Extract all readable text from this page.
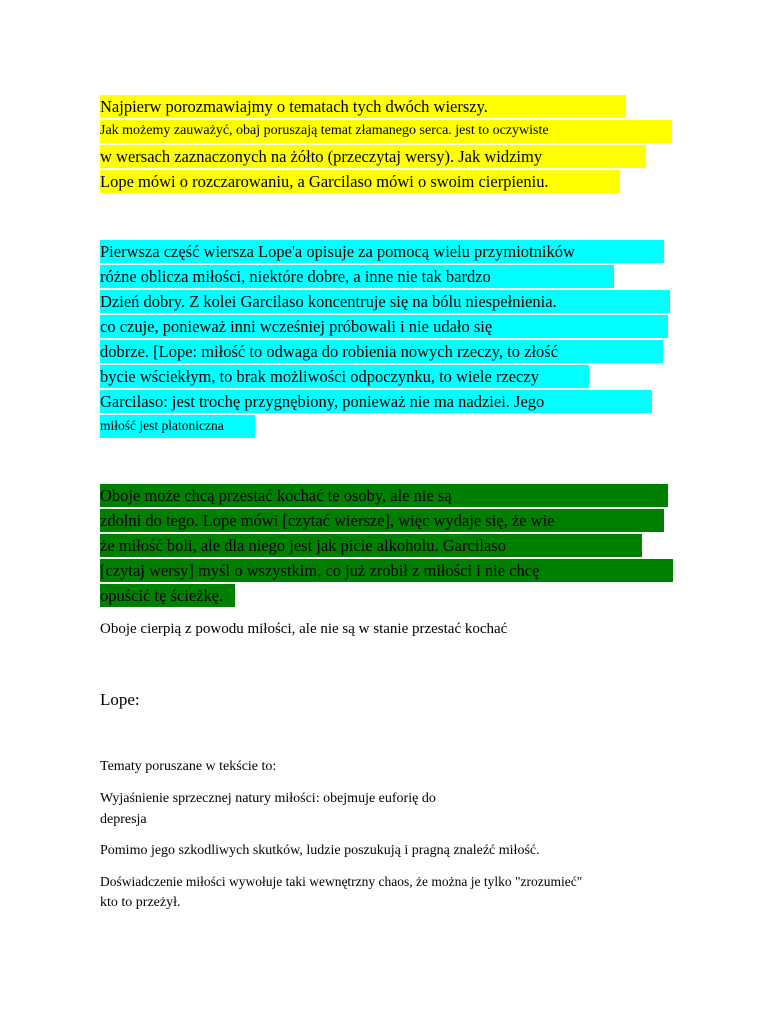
Najpierw porozmawiajmy o tematach tych dwóch wierszy.
Jak możemy zauważyć, obaj poruszają temat złamanego serca. jest to oczywiste
w wersach zaznaczonych na żółto (przeczytaj wersy). Jak widzimy
Lope mówi o rozczarowaniu, a Garcilaso mówi o swoim cierpieniu.
Pierwsza część wiersza Lope'a opisuje za pomocą wielu przymiotników
różne oblicza miłości, niektóre dobre, a inne nie tak bardzo
Dzień dobry. Z kolei Garcilaso koncentruje się na bólu niespełnienia.
co czuje, ponieważ inni wcześniej próbowali i nie udało się
dobrze. [Lope: miłość to odwaga do robienia nowych rzeczy, to złość
bycie wściekłym, to brak możliwości odpoczynku, to wiele rzeczy
Garcilaso: jest trochę przygnębiony, ponieważ nie ma nadziei. Jego
miłość jest platoniczna
Oboje może chcą przestać kochać te osoby, ale nie są
zdolni do tego. Lope mówi [czytać wiersze], więc wydaje się, że wie
że miłość boli, ale dla niego jest jak picie alkoholu. Garcilaso
[czytaj wersy] myśl o wszystkim, co już zrobił z miłości i nie chcę
opuścić tę ścieżkę.
Oboje cierpią z powodu miłości, ale nie są w stanie przestać kochać
Lope:
Tematy poruszane w tekście to:
Wyjaśnienie sprzecznej natury miłości: obejmuje euforię do
depresja
Pomimo jego szkodliwych skutków, ludzie poszukują i pragną znaleźć miłość.
Doświadczenie miłości wywołuje taki wewnętrzny chaos, że można je tylko "zrozumieć"
kto to przeżył.
